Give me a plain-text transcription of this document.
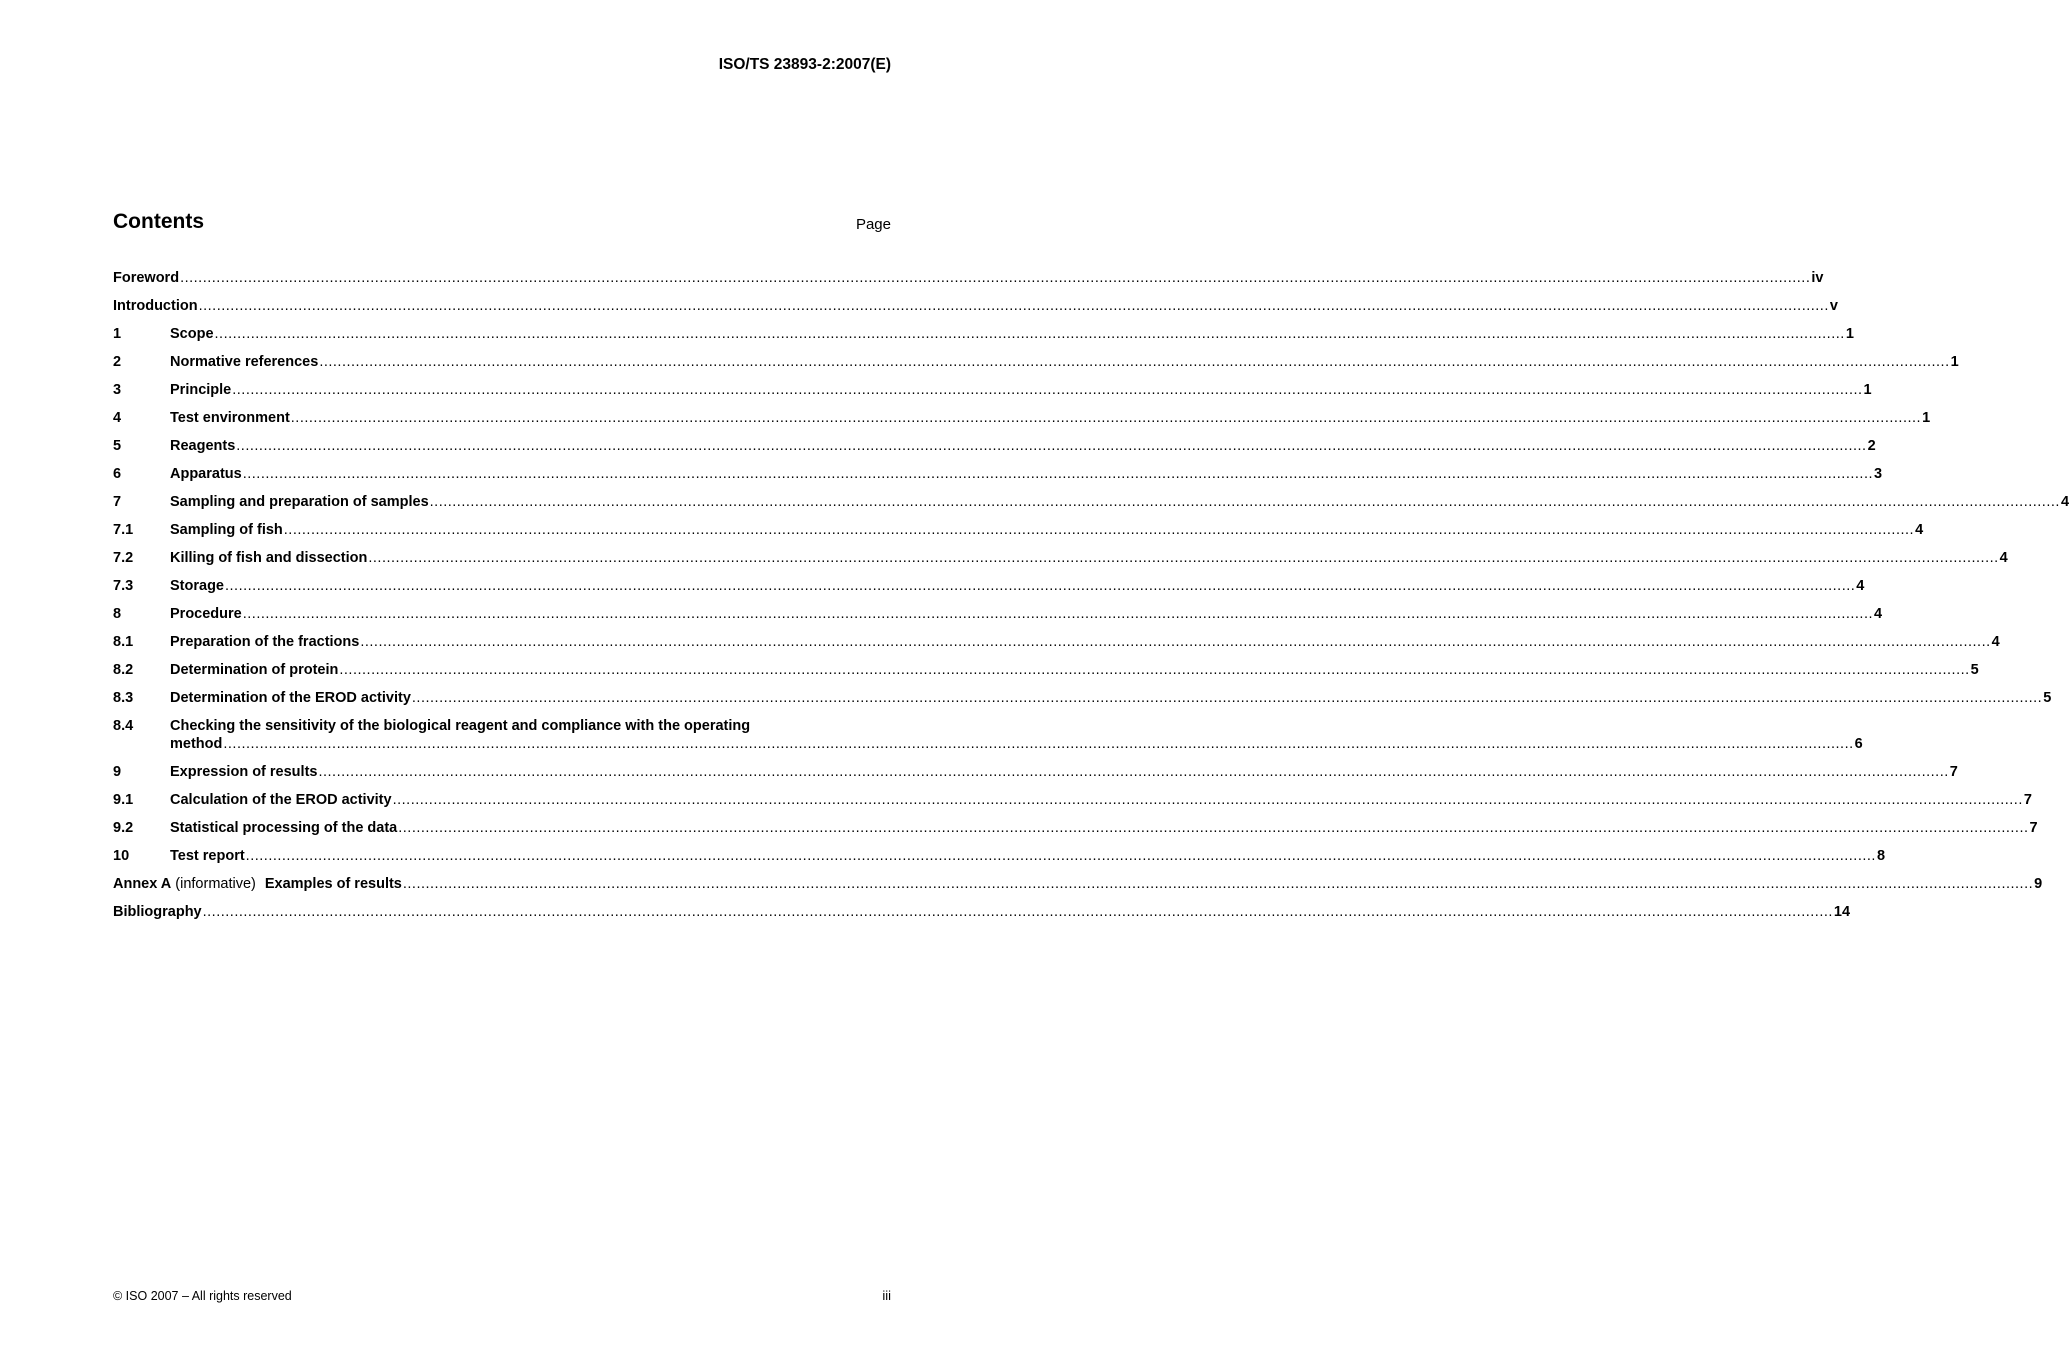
ISO/TS 23893-2:2007(E)
Contents	Page
Foreword .....	iv
Introduction .....	v
1	Scope .....	1
2	Normative references .....	1
3	Principle .....	1
4	Test environment .....	1
5	Reagents .....	2
6	Apparatus .....	3
7	Sampling and preparation of samples .....	4
7.1	Sampling of fish .....	4
7.2	Killing of fish and dissection .....	4
7.3	Storage .....	4
8	Procedure .....	4
8.1	Preparation of the fractions .....	4
8.2	Determination of protein .....	5
8.3	Determination of the EROD activity .....	5
8.4	Checking the sensitivity of the biological reagent and compliance with the operating
method .....	6
9	Expression of results .....	7
9.1	Calculation of the EROD activity .....	7
9.2	Statistical processing of the data .....	7
10	Test report .....	8
Annex A (informative) Examples of results .....	9
Bibliography .....	14
© ISO 2007 – All rights reserved	iii
